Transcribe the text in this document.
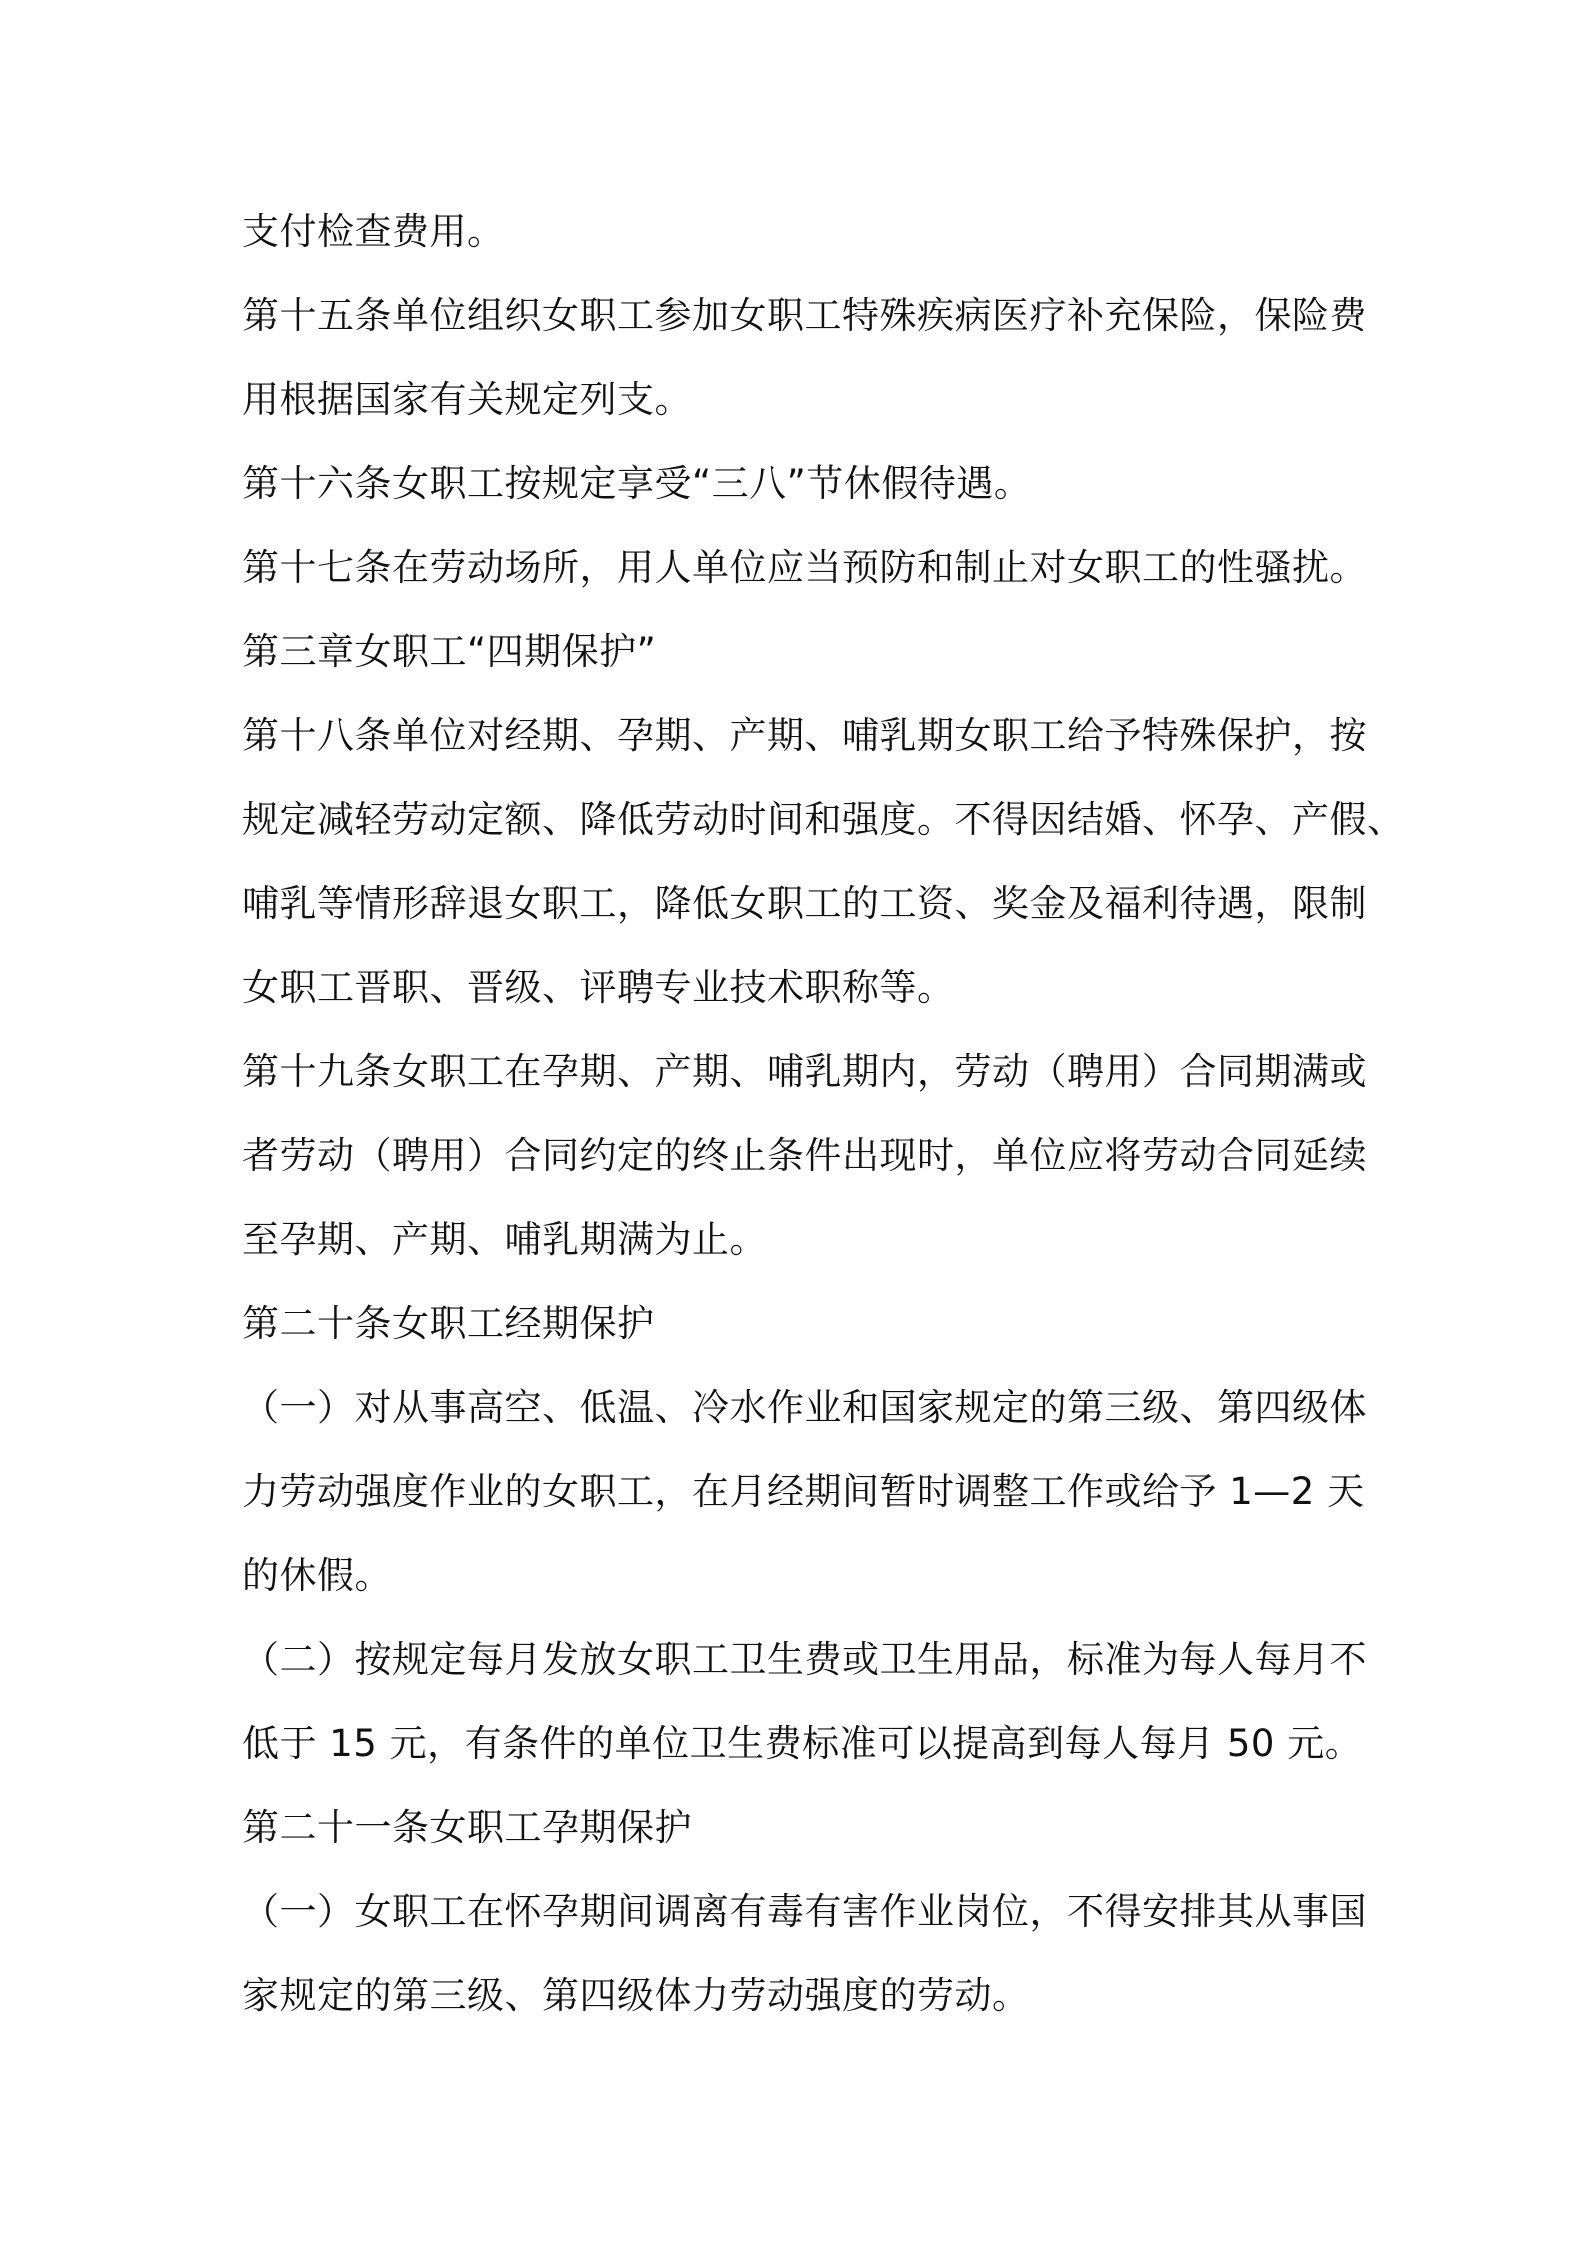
支付检查费用。
第十五条单位组织女职工参加女职工特殊疾病医疗补充保险，保险费
用根据国家有关规定列支。
第十六条女职工按规定享受“三八”节休假待遇。
第十七条在劳动场所，用人单位应当预防和制止对女职工的性骚扰。
第三章女职工“四期保护”
第十八条单位对经期、孕期、产期、哺乳期女职工给予特殊保护，按
规定减轻劳动定额、降低劳动时间和强度。不得因结婚、怀孕、产假、
哺乳等情形辞退女职工，降低女职工的工资、奖金及福利待遇，限制
女职工晋职、晋级、评聘专业技术职称等。
第十九条女职工在孕期、产期、哺乳期内，劳动（聘用）合同期满或
者劳动（聘用）合同约定的终止条件出现时，单位应将劳动合同延续
至孕期、产期、哺乳期满为止。
第二十条女职工经期保护
（一）对从事高空、低温、冷水作业和国家规定的第三级、第四级体
力劳动强度作业的女职工，在月经期间暂时调整工作或给予 1—2 天
的休假。
（二）按规定每月发放女职工卫生费或卫生用品，标准为每人每月不
低于 15 元，有条件的单位卫生费标准可以提高到每人每月 50 元。
第二十一条女职工孕期保护
（一）女职工在怀孕期间调离有毒有害作业岗位，不得安排其从事国
家规定的第三级、第四级体力劳动强度的劳动。
